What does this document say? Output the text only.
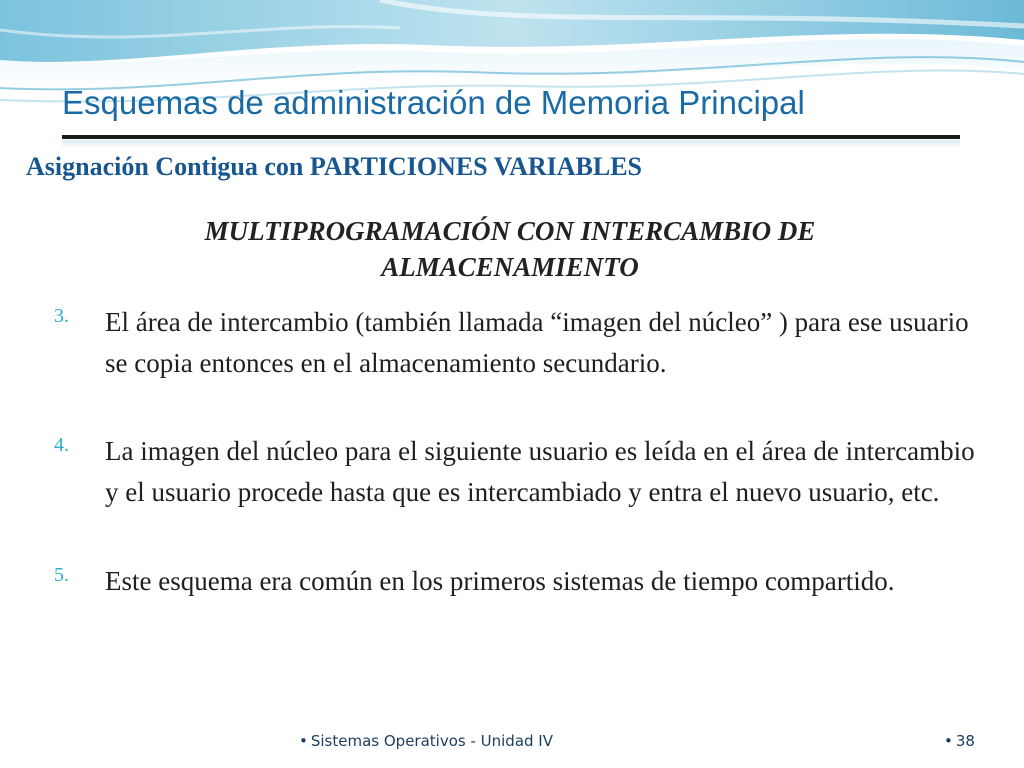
Esquemas de administración de Memoria Principal
Asignación Contigua con PARTICIONES VARIABLES

MULTIPROGRAMACIÓN CON INTERCAMBIO DE ALMACENAMIENTO

3. El área de intercambio (también llamada “imagen del núcleo” ) para ese usuario se copia entonces en el almacenamiento secundario.
4. La imagen del núcleo para el siguiente usuario es leída en el área de intercambio y el usuario procede hasta que es intercambiado y entra el nuevo usuario, etc.
5. Este esquema era común en los primeros sistemas de tiempo compartido.
• Sistemas Operativos - Unidad IV	• 38
